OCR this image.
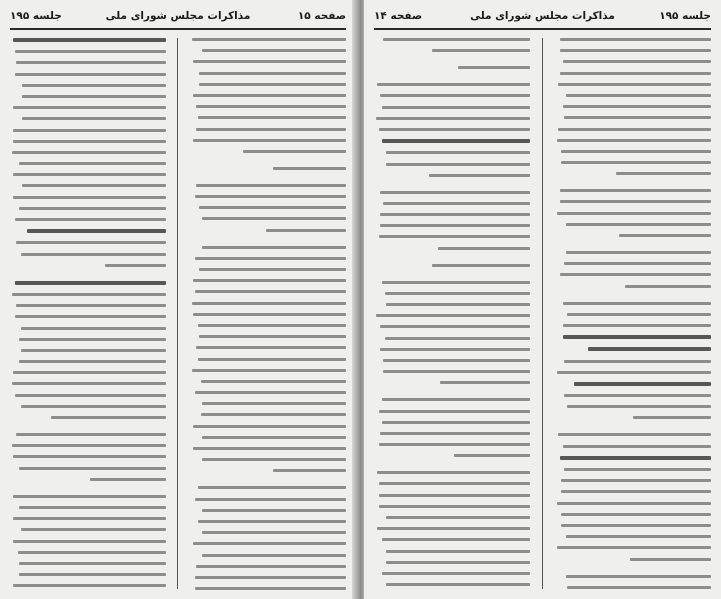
صفحه ۱۵
مذاکرات مجلس شورای ملی
جلسه ۱۹۵	جلسه ۱۹۵
مذاکرات مجلس شورای ملی
صفحه ۱۴
